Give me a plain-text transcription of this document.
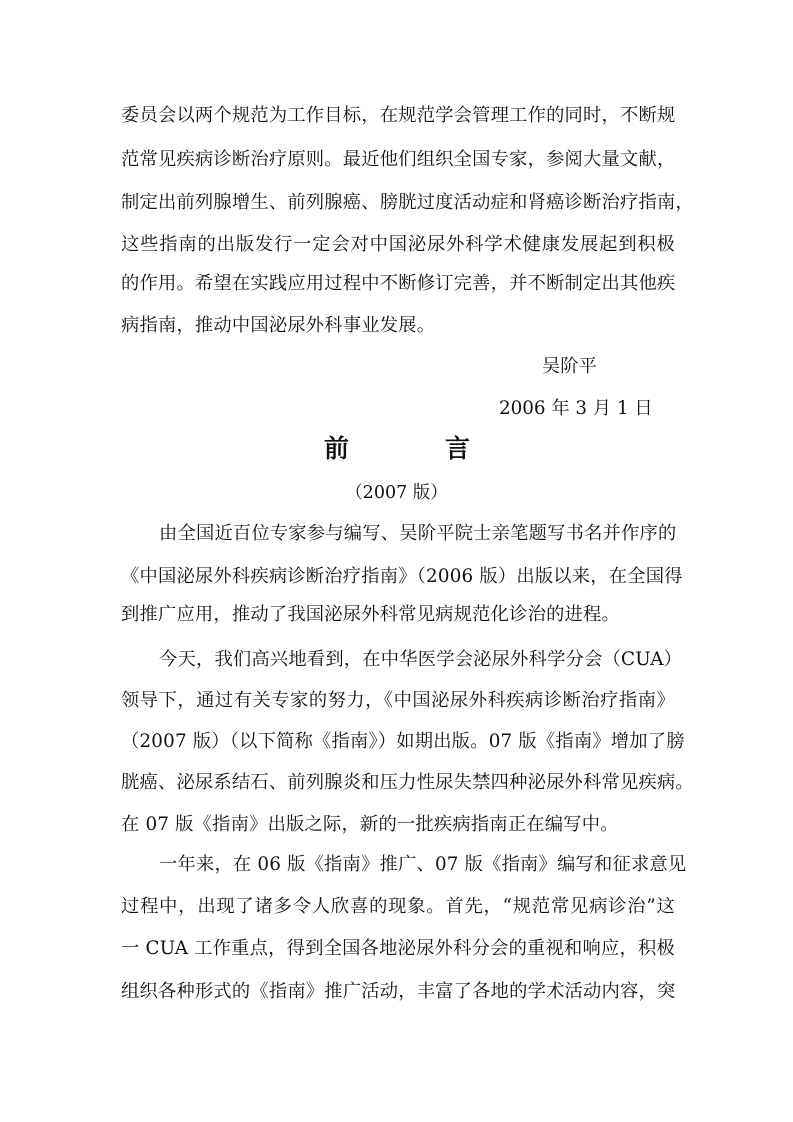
委员会以两个规范为工作目标，在规范学会管理工作的同时，不断规
范常见疾病诊断治疗原则。最近他们组织全国专家，参阅大量文献，
制定出前列腺增生、前列腺癌、膀胱过度活动症和肾癌诊断治疗指南，
这些指南的出版发行一定会对中国泌尿外科学术健康发展起到积极
的作用。希望在实践应用过程中不断修订完善，并不断制定出其他疾
病指南，推动中国泌尿外科事业发展。
吴阶平
2006 年 3 月 1 日
前　言
（2007 版）
由全国近百位专家参与编写、吴阶平院士亲笔题写书名并作序的
《中国泌尿外科疾病诊断治疗指南》（2006 版）出版以来，在全国得
到推广应用，推动了我国泌尿外科常见病规范化诊治的进程。
今天，我们高兴地看到，在中华医学会泌尿外科学分会（CUA）
领导下，通过有关专家的努力，《中国泌尿外科疾病诊断治疗指南》
（2007 版）（以下简称《指南》）如期出版。07 版《指南》增加了膀
胱癌、泌尿系结石、前列腺炎和压力性尿失禁四种泌尿外科常见疾病。
在 07 版《指南》出版之际，新的一批疾病指南正在编写中。
一年来，在 06 版《指南》推广、07 版《指南》编写和征求意见
过程中，出现了诸多令人欣喜的现象。首先，“规范常见病诊治”这
一 CUA 工作重点，得到全国各地泌尿外科分会的重视和响应，积极
组织各种形式的《指南》推广活动，丰富了各地的学术活动内容，突
